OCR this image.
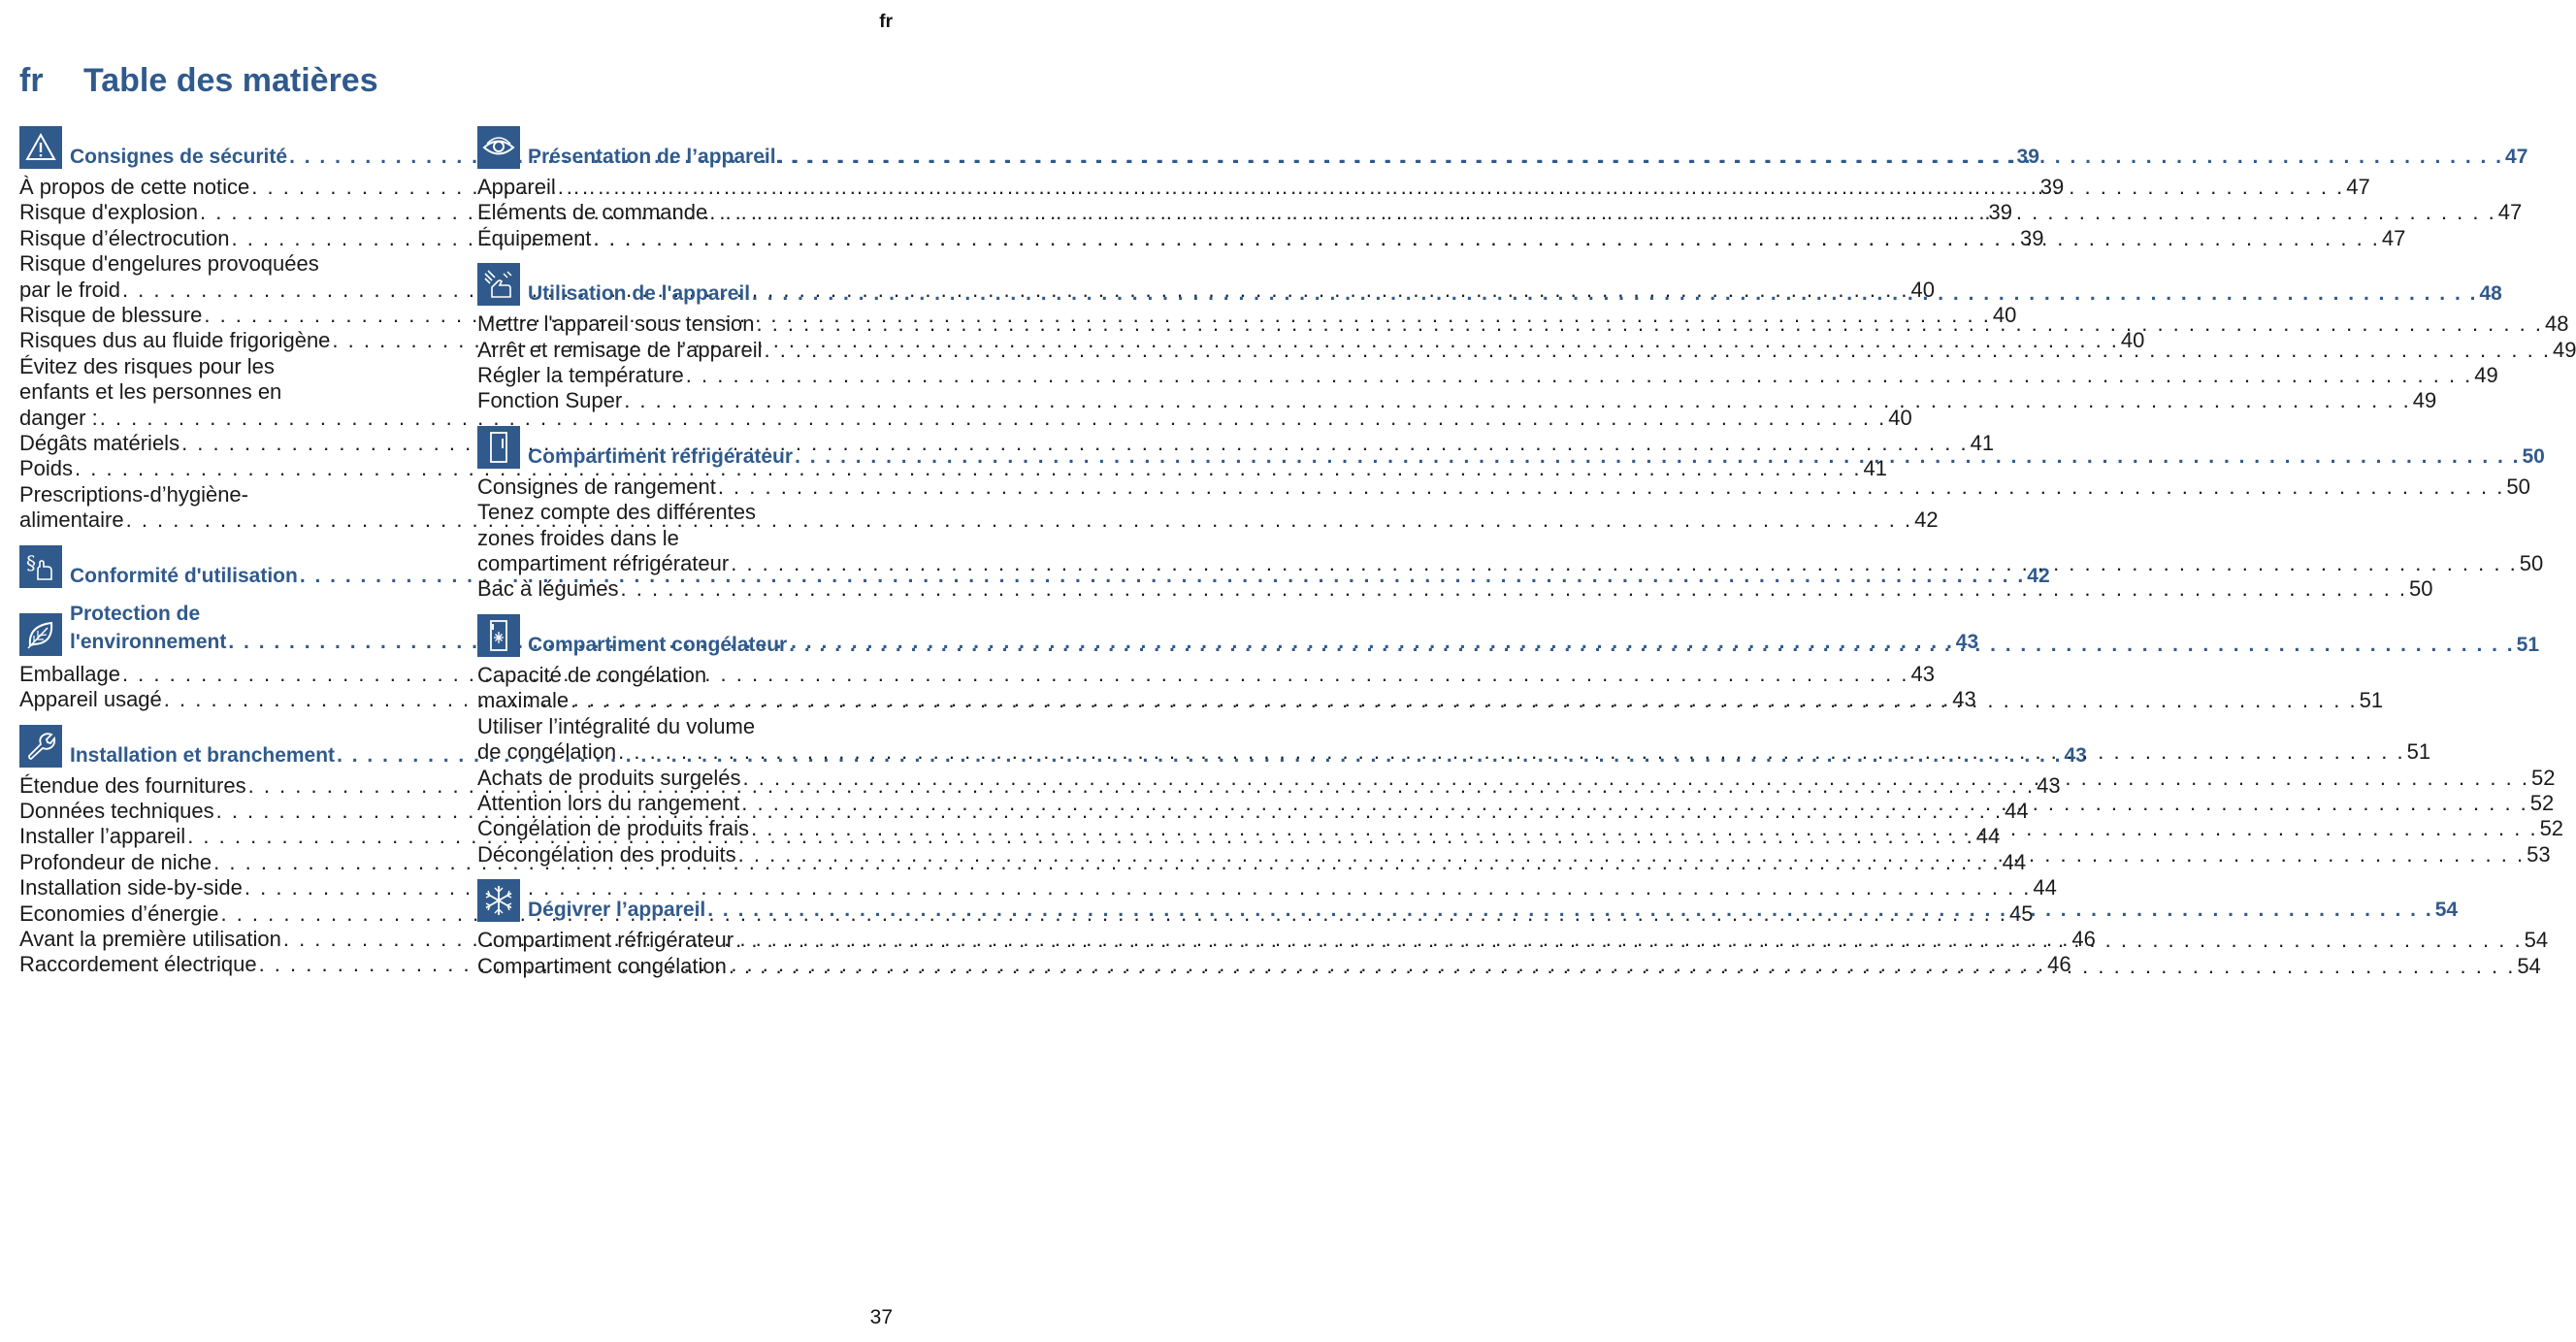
fr
fr Table des matières
Consignes de sécurité . . .	39
À propos de cette notice . . .	39
Risque d'explosion . . .	39
Risque d’électrocution . . .	39
Risque d'engelures provoquées
par le froid . . .	40
Risque de blessure . . .	40
Risques dus au fluide frigorigène . . .	40
Évitez des risques pour les
enfants et les personnes en
danger : . . .	40
Dégâts matériels . . .	41
Poids . . .	41
Prescriptions-d’hygiène-
alimentaire . . .	42
§
Conformité d'utilisation . . .	42
Protection de
l'environnement . . .	43
Emballage . . .	43
Appareil usagé . . .	43
Installation et branchement . . .	43
Étendue des fournitures . . .	43
Données techniques . . .	44
Installer l’appareil . . .	44
Profondeur de niche . . .	44
Installation side-by-side . . .	44
Economies d’énergie . . .	45
Avant la première utilisation . . .	46
Raccordement électrique . . .	46
Présentation de l’appareil . . .	47
Appareil . . .	47
Eléments de commande . . .	47
Équipement . . .	47
Utilisation de l'appareil . . .	48
Mettre l'appareil sous tension . . .	48
Arrêt et remisage de l’appareil . . .	49
Régler la température . . .	49
Fonction Super . . .	49
Compartiment réfrigérateur . . .	50
Consignes de rangement . . .	50
Tenez compte des différentes
zones froides dans le
compartiment réfrigérateur . . .	50
Bac à légumes . . .	50
Compartiment congélateur . . .	51
Capacité de congélation
maximale . . .	51
Utiliser l’intégralité du volume
de congélation . . .	51
Achats de produits surgelés . . .	52
Attention lors du rangement . . .	52
Congélation de produits frais . . .	52
Décongélation des produits . . .	53
Dégivrer l’appareil . . .	54
Compartiment réfrigérateur . . .	54
Compartiment congélation . . .	54
37
